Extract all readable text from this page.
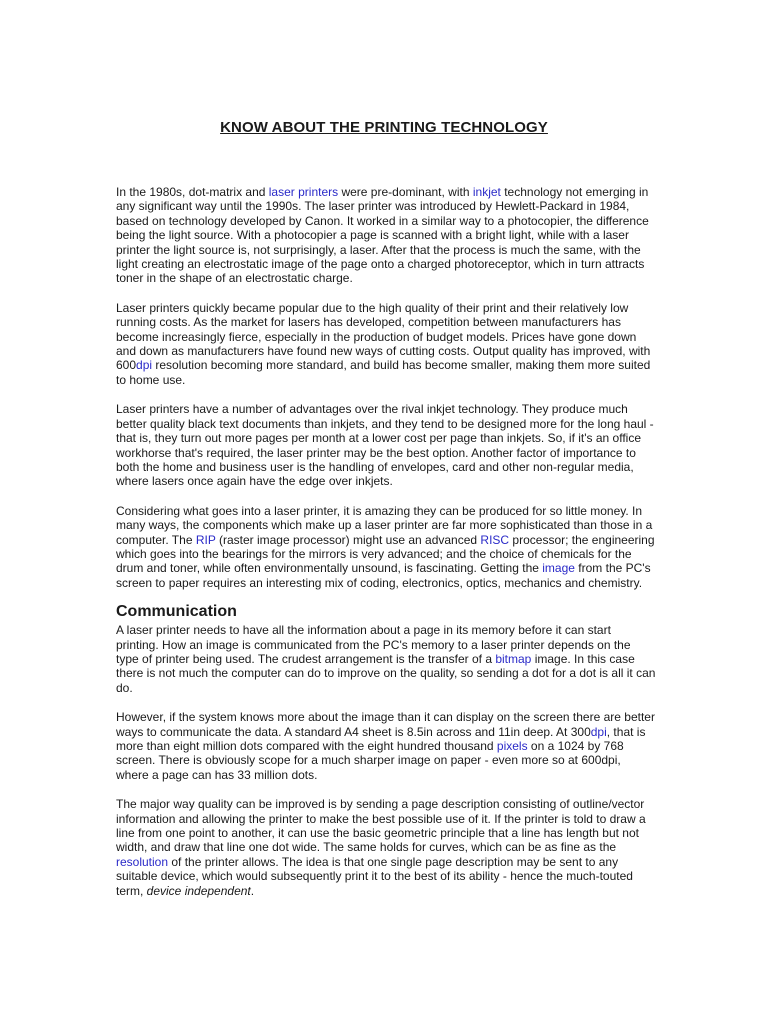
KNOW ABOUT THE PRINTING TECHNOLOGY

In the 1980s, dot-matrix and laser printers were pre-dominant, with inkjet technology not emerging in any significant way until the 1990s. The laser printer was introduced by Hewlett-Packard in 1984, based on technology developed by Canon. It worked in a similar way to a photocopier, the difference being the light source. With a photocopier a page is scanned with a bright light, while with a laser printer the light source is, not surprisingly, a laser. After that the process is much the same, with the light creating an electrostatic image of the page onto a charged photoreceptor, which in turn attracts toner in the shape of an electrostatic charge.

Laser printers quickly became popular due to the high quality of their print and their relatively low running costs. As the market for lasers has developed, competition between manufacturers has become increasingly fierce, especially in the production of budget models. Prices have gone down and down as manufacturers have found new ways of cutting costs. Output quality has improved, with 600dpi resolution becoming more standard, and build has become smaller, making them more suited to home use.

Laser printers have a number of advantages over the rival inkjet technology. They produce much better quality black text documents than inkjets, and they tend to be designed more for the long haul - that is, they turn out more pages per month at a lower cost per page than inkjets. So, if it's an office workhorse that's required, the laser printer may be the best option. Another factor of importance to both the home and business user is the handling of envelopes, card and other non-regular media, where lasers once again have the edge over inkjets.

Considering what goes into a laser printer, it is amazing they can be produced for so little money. In many ways, the components which make up a laser printer are far more sophisticated than those in a computer. The RIP (raster image processor) might use an advanced RISC processor; the engineering which goes into the bearings for the mirrors is very advanced; and the choice of chemicals for the drum and toner, while often environmentally unsound, is fascinating. Getting the image from the PC's screen to paper requires an interesting mix of coding, electronics, optics, mechanics and chemistry.

Communication

A laser printer needs to have all the information about a page in its memory before it can start printing. How an image is communicated from the PC's memory to a laser printer depends on the type of printer being used. The crudest arrangement is the transfer of a bitmap image. In this case there is not much the computer can do to improve on the quality, so sending a dot for a dot is all it can do.

However, if the system knows more about the image than it can display on the screen there are better ways to communicate the data. A standard A4 sheet is 8.5in across and 11in deep. At 300dpi, that is more than eight million dots compared with the eight hundred thousand pixels on a 1024 by 768 screen. There is obviously scope for a much sharper image on paper - even more so at 600dpi, where a page can has 33 million dots.

The major way quality can be improved is by sending a page description consisting of outline/vector information and allowing the printer to make the best possible use of it. If the printer is told to draw a line from one point to another, it can use the basic geometric principle that a line has length but not width, and draw that line one dot wide. The same holds for curves, which can be as fine as the resolution of the printer allows. The idea is that one single page description may be sent to any suitable device, which would subsequently print it to the best of its ability - hence the much-touted term, device independent.
